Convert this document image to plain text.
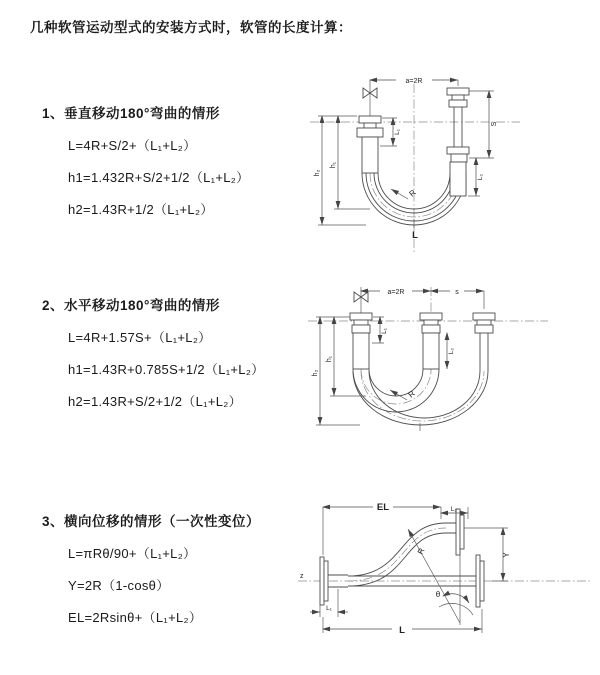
几种软管运动型式的安装方式时，软管的长度计算：
1、垂直移动180°弯曲的情形
L=4R+S/2+（L₁+L₂）
h1=1.432R+S/2+1/2（L₁+L₂）
h2=1.43R+1/2（L₁+L₂）
2、水平移动180°弯曲的情形
L=4R+1.57S+（L₁+L₂）
h1=1.43R+0.785S+1/2（L₁+L₂）
h2=1.43R+S/2+1/2（L₁+L₂）
3、横向位移的情形（一次性变位）
L=πRθ/90+（L₁+L₂）
Y=2R（1-cosθ）
EL=2Rsinθ+（L₁+L₂）
a=2R
S
L₂
L₁
h₁
h₂
R
L
a=2R	s
L₁
L₂
h₁
h₂
R
z
θ
R
EL	L₂
Y
L₁
L
